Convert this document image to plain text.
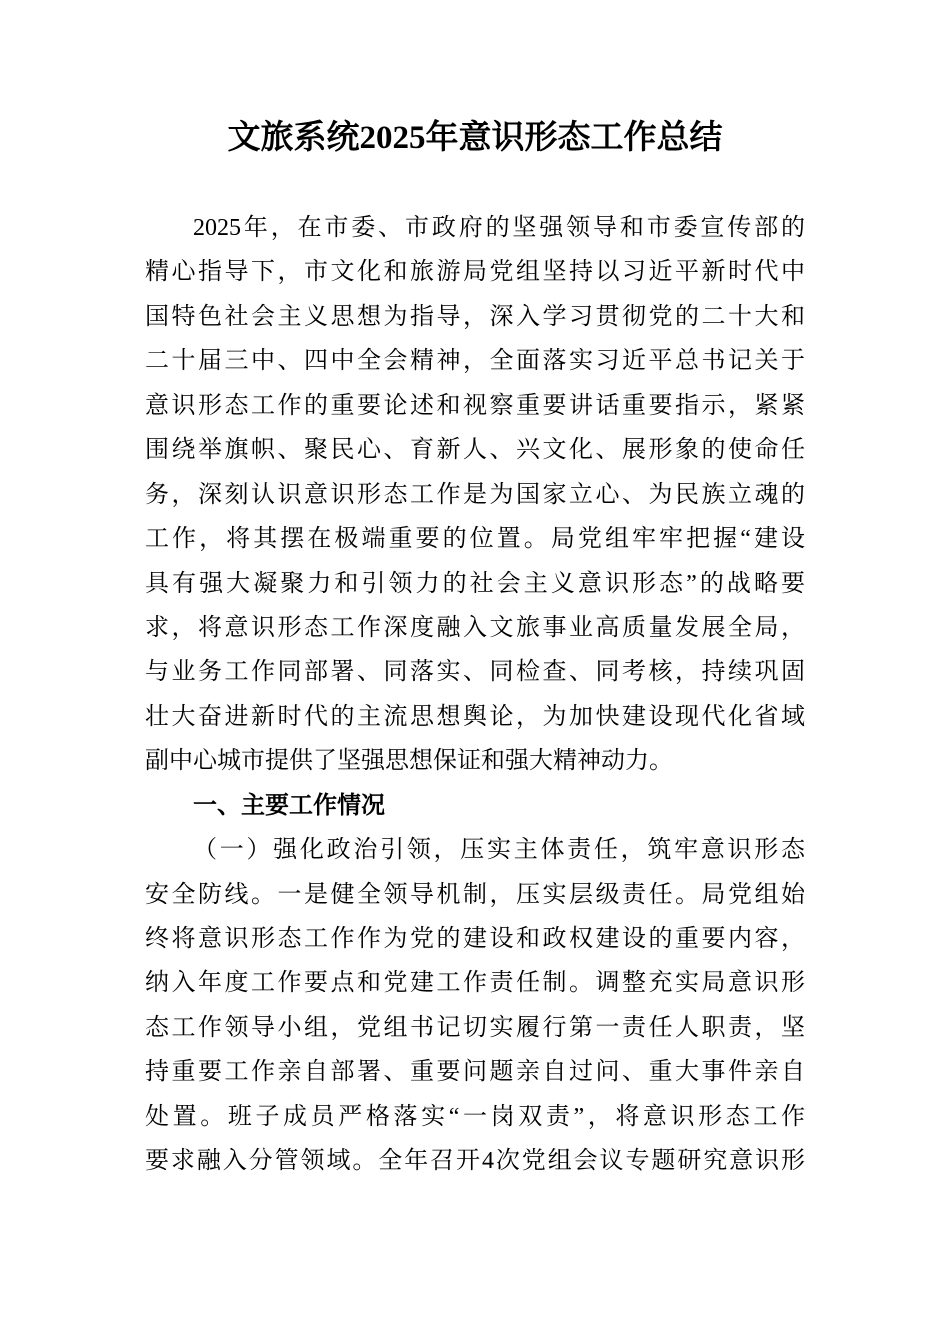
文旅系统2025年意识形态工作总结
2025年，在市委、市政府的坚强领导和市委宣传部的
精心指导下，市文化和旅游局党组坚持以习近平新时代中
国特色社会主义思想为指导，深入学习贯彻党的二十大和
二十届三中、四中全会精神，全面落实习近平总书记关于
意识形态工作的重要论述和视察重要讲话重要指示，紧紧
围绕举旗帜、聚民心、育新人、兴文化、展形象的使命任
务，深刻认识意识形态工作是为国家立心、为民族立魂的
工作，将其摆在极端重要的位置。局党组牢牢把握“建设
具有强大凝聚力和引领力的社会主义意识形态”的战略要
求，将意识形态工作深度融入文旅事业高质量发展全局，
与业务工作同部署、同落实、同检查、同考核，持续巩固
壮大奋进新时代的主流思想舆论，为加快建设现代化省域
副中心城市提供了坚强思想保证和强大精神动力。
一、主要工作情况
（一）强化政治引领，压实主体责任，筑牢意识形态
安全防线。一是健全领导机制，压实层级责任。局党组始
终将意识形态工作作为党的建设和政权建设的重要内容，
纳入年度工作要点和党建工作责任制。调整充实局意识形
态工作领导小组，党组书记切实履行第一责任人职责，坚
持重要工作亲自部署、重要问题亲自过问、重大事件亲自
处置。班子成员严格落实“一岗双责”，将意识形态工作
要求融入分管领域。全年召开4次党组会议专题研究意识形
